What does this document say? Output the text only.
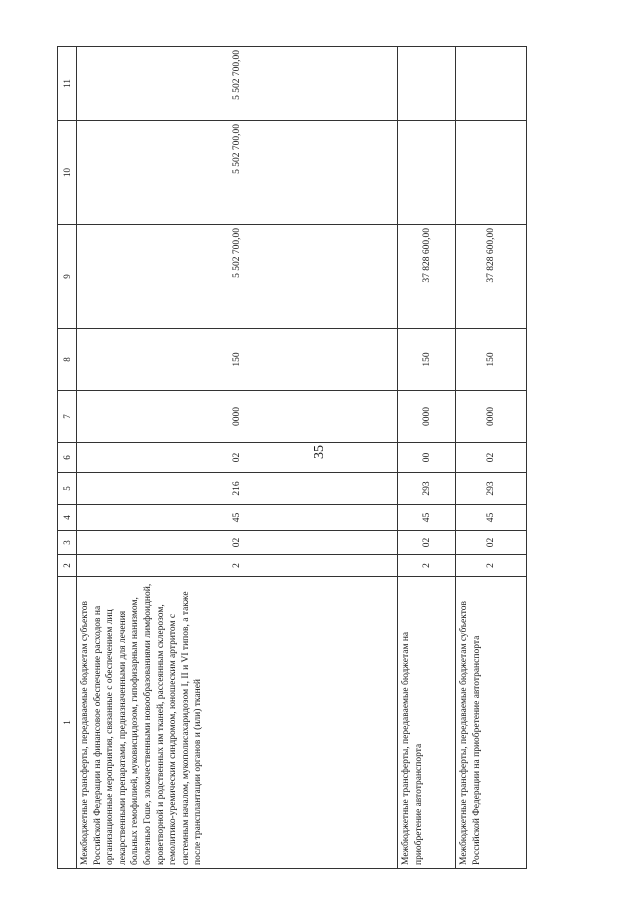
35
1	2	3	4	5	6	7	8	9	10	11
Межбюджетные трансферты, передаваемые бюджетам субъектов Российской Федерации на финансовое обеспечение расходов на организационные мероприятия, связанные с обеспечением лиц лекарственными препаратами, предназначенными для лечения больных гемофилией, муковисцидозом, гипофизарным нанизмом, болезнью Гоше, злокачественными новообразованиями лимфоидной, кроветворной и родственных им тканей, рассеянным склерозом, гемолитико-уремическим синдромом, юношеским артритом с системным началом, мукополисахаридозом I, II и VI типов, а также после трансплантации органов и (или) тканей	2	02	45	216	02	0000	150	5 502 700,00	5 502 700,00	5 502 700,00
Межбюджетные трансферты, передаваемые бюджетам на приобретение автотранспорта	2	02	45	293	00	0000	150	37 828 600,00		
Межбюджетные трансферты, передаваемые бюджетам субъектов Российской Федерации на приобретение автотранспорта	2	02	45	293	02	0000	150	37 828 600,00		
